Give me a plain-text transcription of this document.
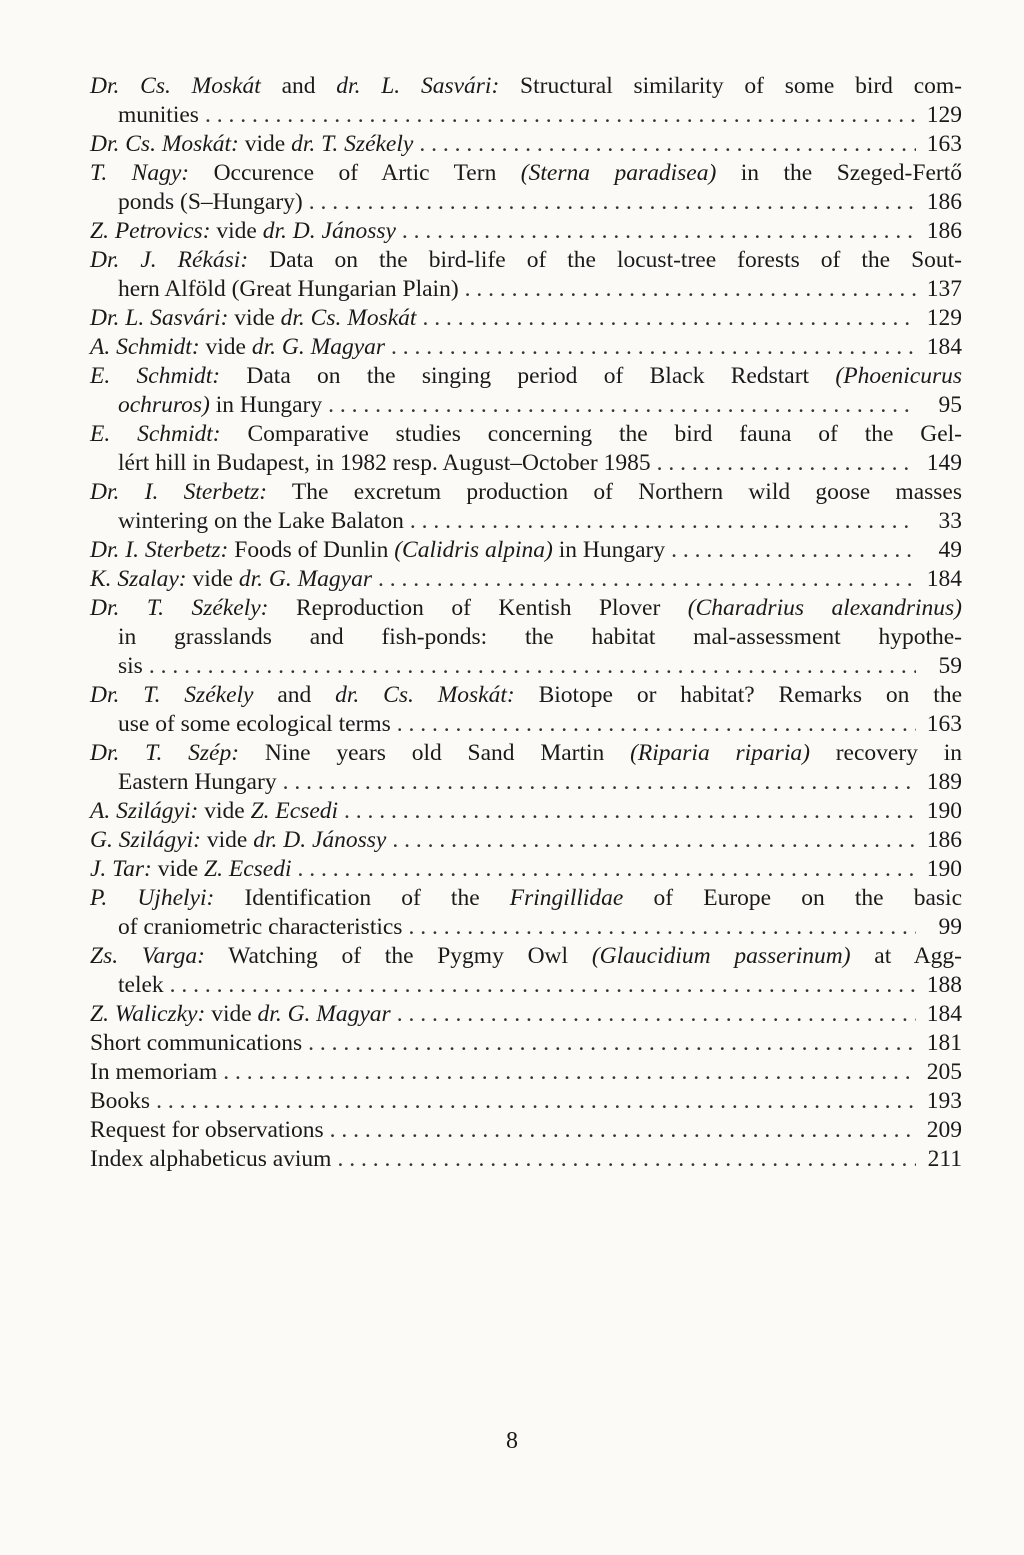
Dr. Cs. Moskát and dr. L. Sasvári: Structural similarity of some bird com-
munities . . .	129
Dr. Cs. Moskát: vide dr. T. Székely . . .	163
T. Nagy: Occurence of Artic Tern (Sterna paradisea) in the Szeged-Fertő
ponds (S–Hungary) . . .	186
Z. Petrovics: vide dr. D. Jánossy . . .	186
Dr. J. Rékási: Data on the bird-life of the locust-tree forests of the Sout-
hern Alföld (Great Hungarian Plain) . . .	137
Dr. L. Sasvári: vide dr. Cs. Moskát . . .	129
A. Schmidt: vide dr. G. Magyar . . .	184
E. Schmidt: Data on the singing period of Black Redstart (Phoenicurus
ochruros) in Hungary . . .	95
E. Schmidt: Comparative studies concerning the bird fauna of the Gel-
lért hill in Budapest, in 1982 resp. August–October 1985 . . .	149
Dr. I. Sterbetz: The excretum production of Northern wild goose masses
wintering on the Lake Balaton . . .	33
Dr. I. Sterbetz: Foods of Dunlin (Calidris alpina) in Hungary . . .	49
K. Szalay: vide dr. G. Magyar . . .	184
Dr. T. Székely: Reproduction of Kentish Plover (Charadrius alexandrinus)
in grasslands and fish-ponds: the habitat mal-assessment hypothe-
sis . . .	59
Dr. T. Székely and dr. Cs. Moskát: Biotope or habitat? Remarks on the
use of some ecological terms . . .	163
Dr. T. Szép: Nine years old Sand Martin (Riparia riparia) recovery in
Eastern Hungary . . .	189
A. Szilágyi: vide Z. Ecsedi . . .	190
G. Szilágyi: vide dr. D. Jánossy . . .	186
J. Tar: vide Z. Ecsedi . . .	190
P. Ujhelyi: Identification of the Fringillidae of Europe on the basic
of craniometric characteristics . . .	99
Zs. Varga: Watching of the Pygmy Owl (Glaucidium passerinum) at Agg-
telek . . .	188
Z. Waliczky: vide dr. G. Magyar . . .	184
Short communications . . .	181
In memoriam . . .	205
Books . . .	193
Request for observations . . .	209
Index alphabeticus avium . . .	211
8
